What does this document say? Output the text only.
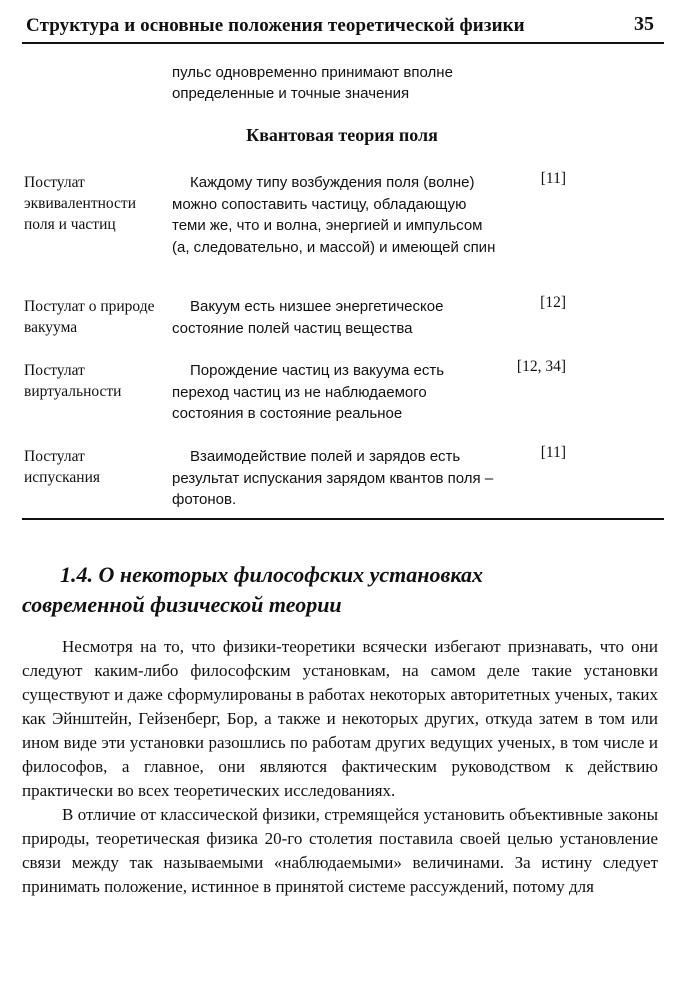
Структура и основные положения теоретической физики	35
пульс одновременно принимают вполне определенные и точные значения
Квантовая теория поля
Постулат эквивалентности поля и частиц
Каждому типу возбуждения поля (волне) можно сопоставить частицу, обладающую теми же, что и волна, энергией и импульсом (а, следовательно, и массой) и имеющей спин
[11]
Постулат о природе вакуума
Вакуум есть низшее энергетическое состояние полей частиц вещества
[12]
Постулат виртуальности
Порождение частиц из вакуума есть переход частиц из не наблюдаемого состояния в состояние реальное
[12, 34]
Постулат испускания
Взаимодействие полей и зарядов есть результат испускания зарядом квантов поля – фотонов.
[11]
1.4. О некоторых философских установках
современной физической теории

Несмотря на то, что физики-теоретики всячески избегают признавать, что они следуют каким-либо философским установкам, на самом деле такие установки существуют и даже сформулированы в работах некоторых авторитетных ученых, таких как Эйнштейн, Гейзенберг, Бор, а также и некоторых других, откуда затем в том или ином виде эти установки разошлись по работам других ведущих ученых, в том числе и философов, а главное, они являются фактическим руководством к действию практически во всех теоретических исследованиях.

В отличие от классической физики, стремящейся установить объективные законы природы, теоретическая физика 20-го столетия поставила своей целью установление связи между так называемыми «наблюдаемыми» величинами. За истину следует принимать положение, истинное в принятой системе рассуждений, потому для
